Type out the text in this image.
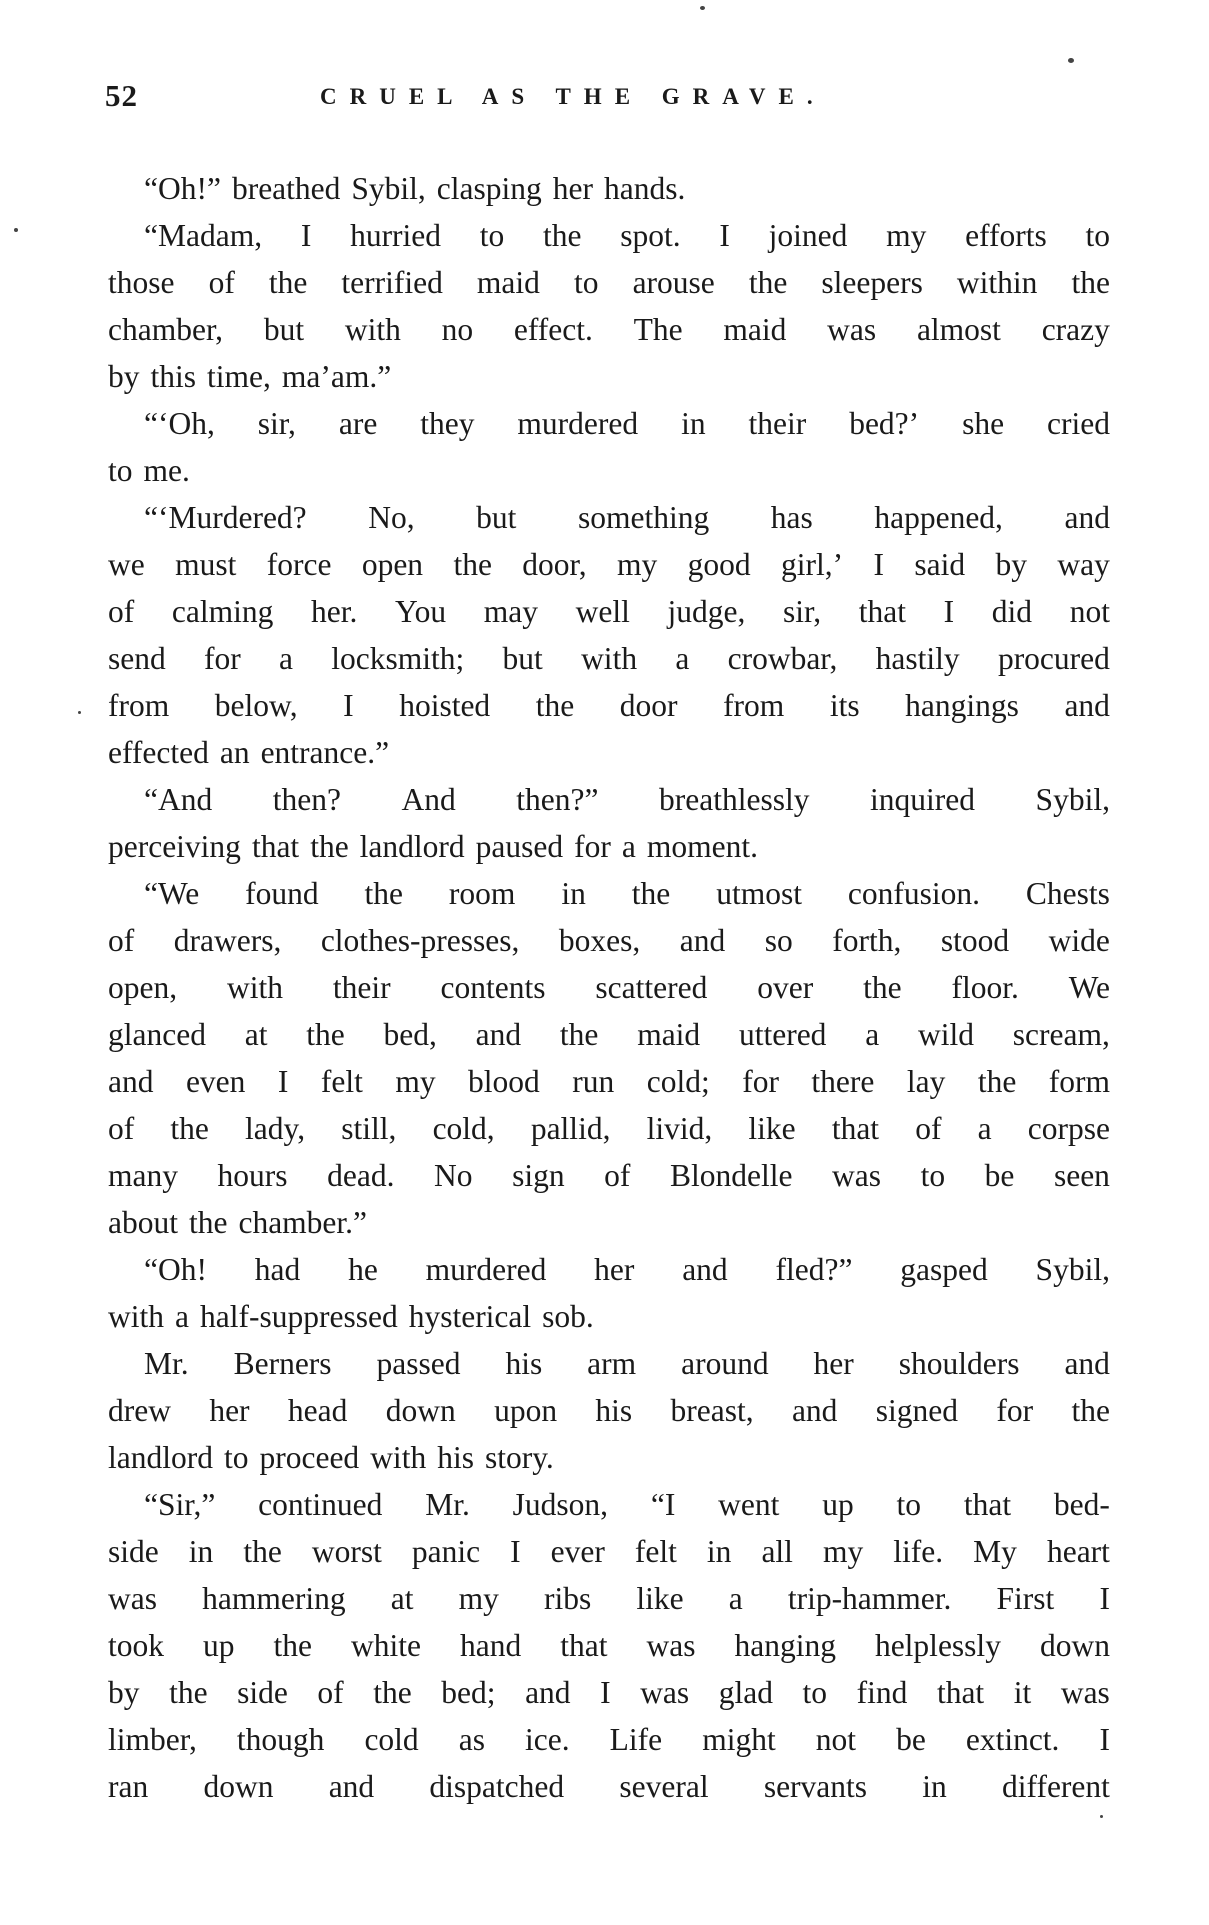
52	CRUEL AS THE GRAVE.
“Oh!” breathed Sybil, clasping her hands.
“Madam, I hurried to the spot. I joined my efforts to
those of the terrified maid to arouse the sleepers within the
chamber, but with no effect. The maid was almost crazy
by this time, ma’am.”
“‘Oh, sir, are they murdered in their bed?’ she cried
to me.
“‘Murdered? No, but something has happened, and
we must force open the door, my good girl,’ I said by way
of calming her. You may well judge, sir, that I did not
send for a locksmith; but with a crowbar, hastily procured
from below, I hoisted the door from its hangings and
effected an entrance.”
“And then? And then?” breathlessly inquired Sybil,
perceiving that the landlord paused for a moment.
“We found the room in the utmost confusion. Chests
of drawers, clothes-presses, boxes, and so forth, stood wide
open, with their contents scattered over the floor. We
glanced at the bed, and the maid uttered a wild scream,
and even I felt my blood run cold; for there lay the form
of the lady, still, cold, pallid, livid, like that of a corpse
many hours dead. No sign of Blondelle was to be seen
about the chamber.”
“Oh! had he murdered her and fled?” gasped Sybil,
with a half-suppressed hysterical sob.
Mr. Berners passed his arm around her shoulders and
drew her head down upon his breast, and signed for the
landlord to proceed with his story.
“Sir,” continued Mr. Judson, “I went up to that bed-
side in the worst panic I ever felt in all my life. My heart
was hammering at my ribs like a trip-hammer. First I
took up the white hand that was hanging helplessly down
by the side of the bed; and I was glad to find that it was
limber, though cold as ice. Life might not be extinct. I
ran down and dispatched several servants in different
